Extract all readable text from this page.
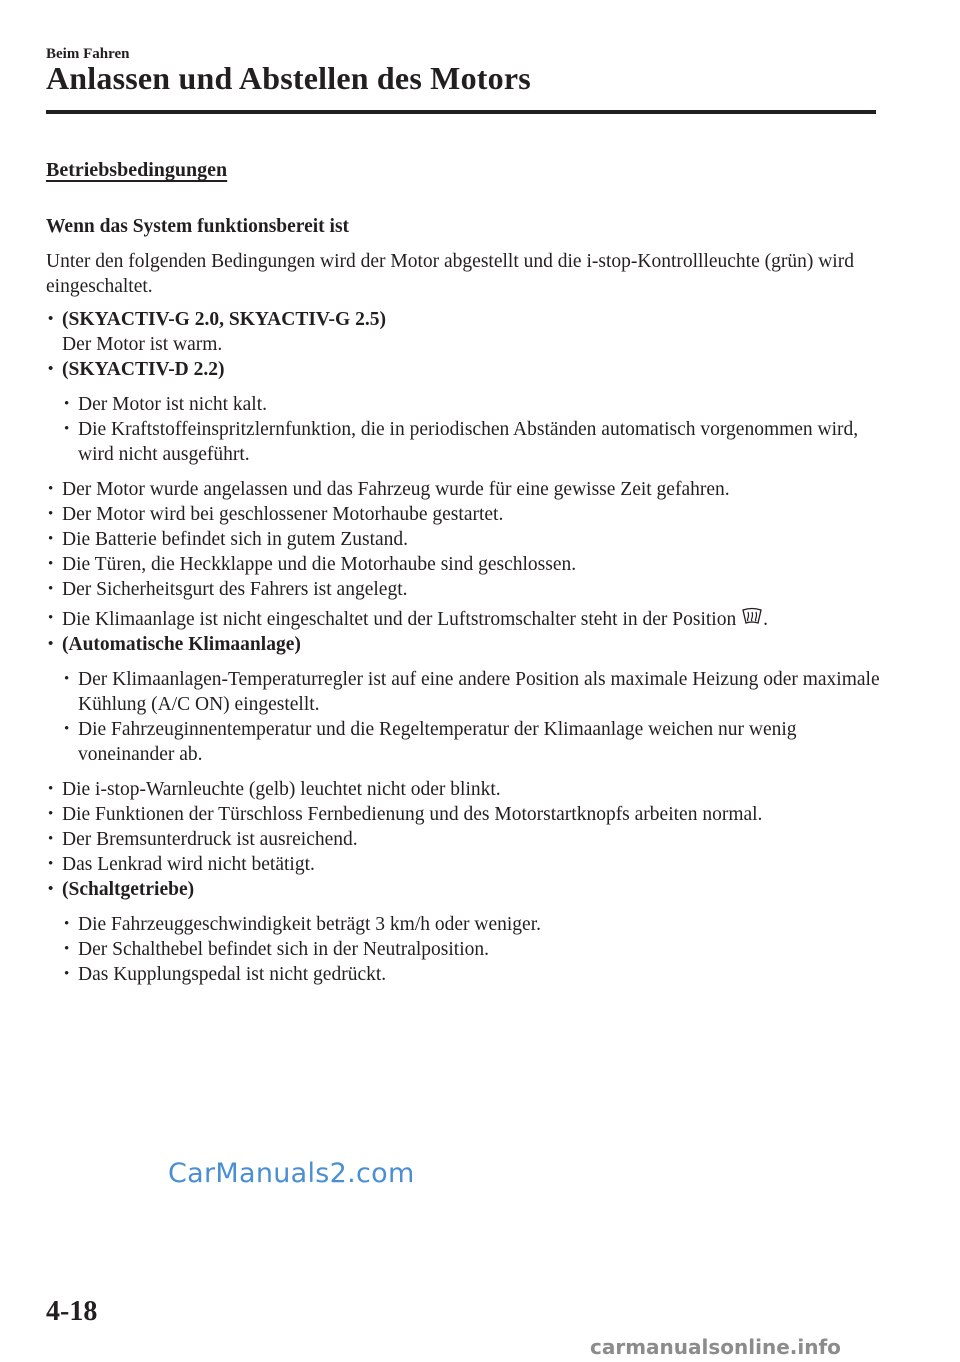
Beim Fahren
Anlassen und Abstellen des Motors

Betriebsbedingungen

Wenn das System funktionsbereit ist

Unter den folgenden Bedingungen wird der Motor abgestellt und die i-stop-Kontrollleuchte (grün) wird eingeschaltet.

• (SKYACTIV-G 2.0, SKYACTIV-G 2.5)
Der Motor ist warm.
• (SKYACTIV-D 2.2)
• Der Motor ist nicht kalt.
• Die Kraftstoffeinspritzlernfunktion, die in periodischen Abständen automatisch vorgenommen wird, wird nicht ausgeführt.
• Der Motor wurde angelassen und das Fahrzeug wurde für eine gewisse Zeit gefahren.
• Der Motor wird bei geschlossener Motorhaube gestartet.
• Die Batterie befindet sich in gutem Zustand.
• Die Türen, die Heckklappe und die Motorhaube sind geschlossen.
• Der Sicherheitsgurt des Fahrers ist angelegt.
• Die Klimaanlage ist nicht eingeschaltet und der Luftstromschalter steht in der Position .
• (Automatische Klimaanlage)
• Der Klimaanlagen-Temperaturregler ist auf eine andere Position als maximale Heizung oder maximale Kühlung (A/C ON) eingestellt.
• Die Fahrzeuginnentemperatur und die Regeltemperatur der Klimaanlage weichen nur wenig voneinander ab.
• Die i-stop-Warnleuchte (gelb) leuchtet nicht oder blinkt.
• Die Funktionen der Türschloss Fernbedienung und des Motorstartknopfs arbeiten normal.
• Der Bremsunterdruck ist ausreichend.
• Das Lenkrad wird nicht betätigt.
• (Schaltgetriebe)
• Die Fahrzeuggeschwindigkeit beträgt 3 km/h oder weniger.
• Der Schalthebel befindet sich in der Neutralposition.
• Das Kupplungspedal ist nicht gedrückt.
CarManuals2.com
4-18
carmanualsonline.info
